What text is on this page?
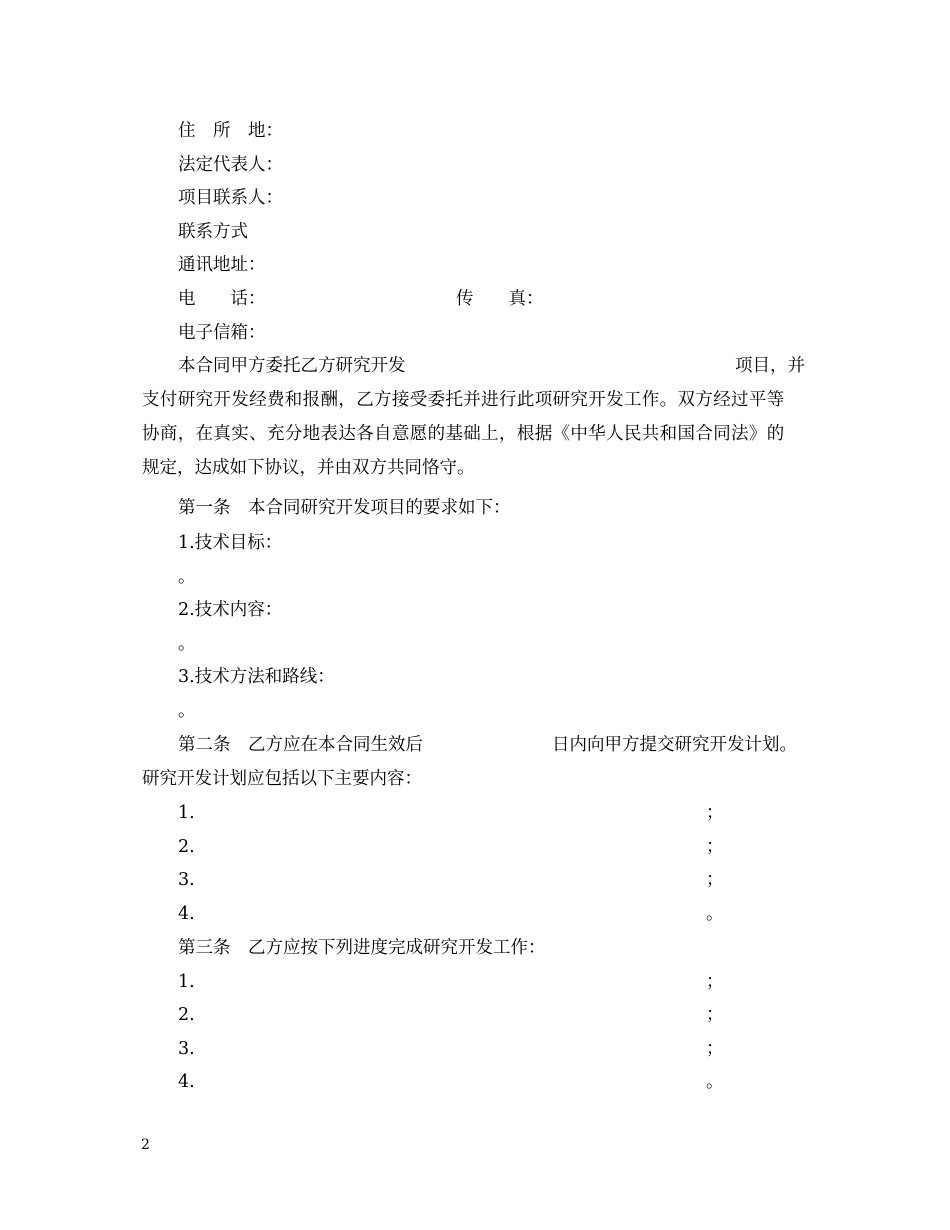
住　所　地：
法定代表人：
项目联系人：
联系方式
通讯地址：
电　　话：	传　　真：
电子信箱：
本合同甲方委托乙方研究开发	项目，并
支付研究开发经费和报酬，乙方接受委托并进行此项研究开发工作。双方经过平等
协商，在真实、充分地表达各自意愿的基础上，根据《中华人民共和国合同法》的
规定，达成如下协议，并由双方共同恪守。
第一条　本合同研究开发项目的要求如下：
1.技术目标：
。
2.技术内容：
。
3.技术方法和路线：
。
第二条　乙方应在本合同生效后	日内向甲方提交研究开发计划。
研究开发计划应包括以下主要内容：
1.	；
2.	；
3.	；
4.	。
第三条　乙方应按下列进度完成研究开发工作：
1.	；
2.	；
3.	；
4.	。
2
